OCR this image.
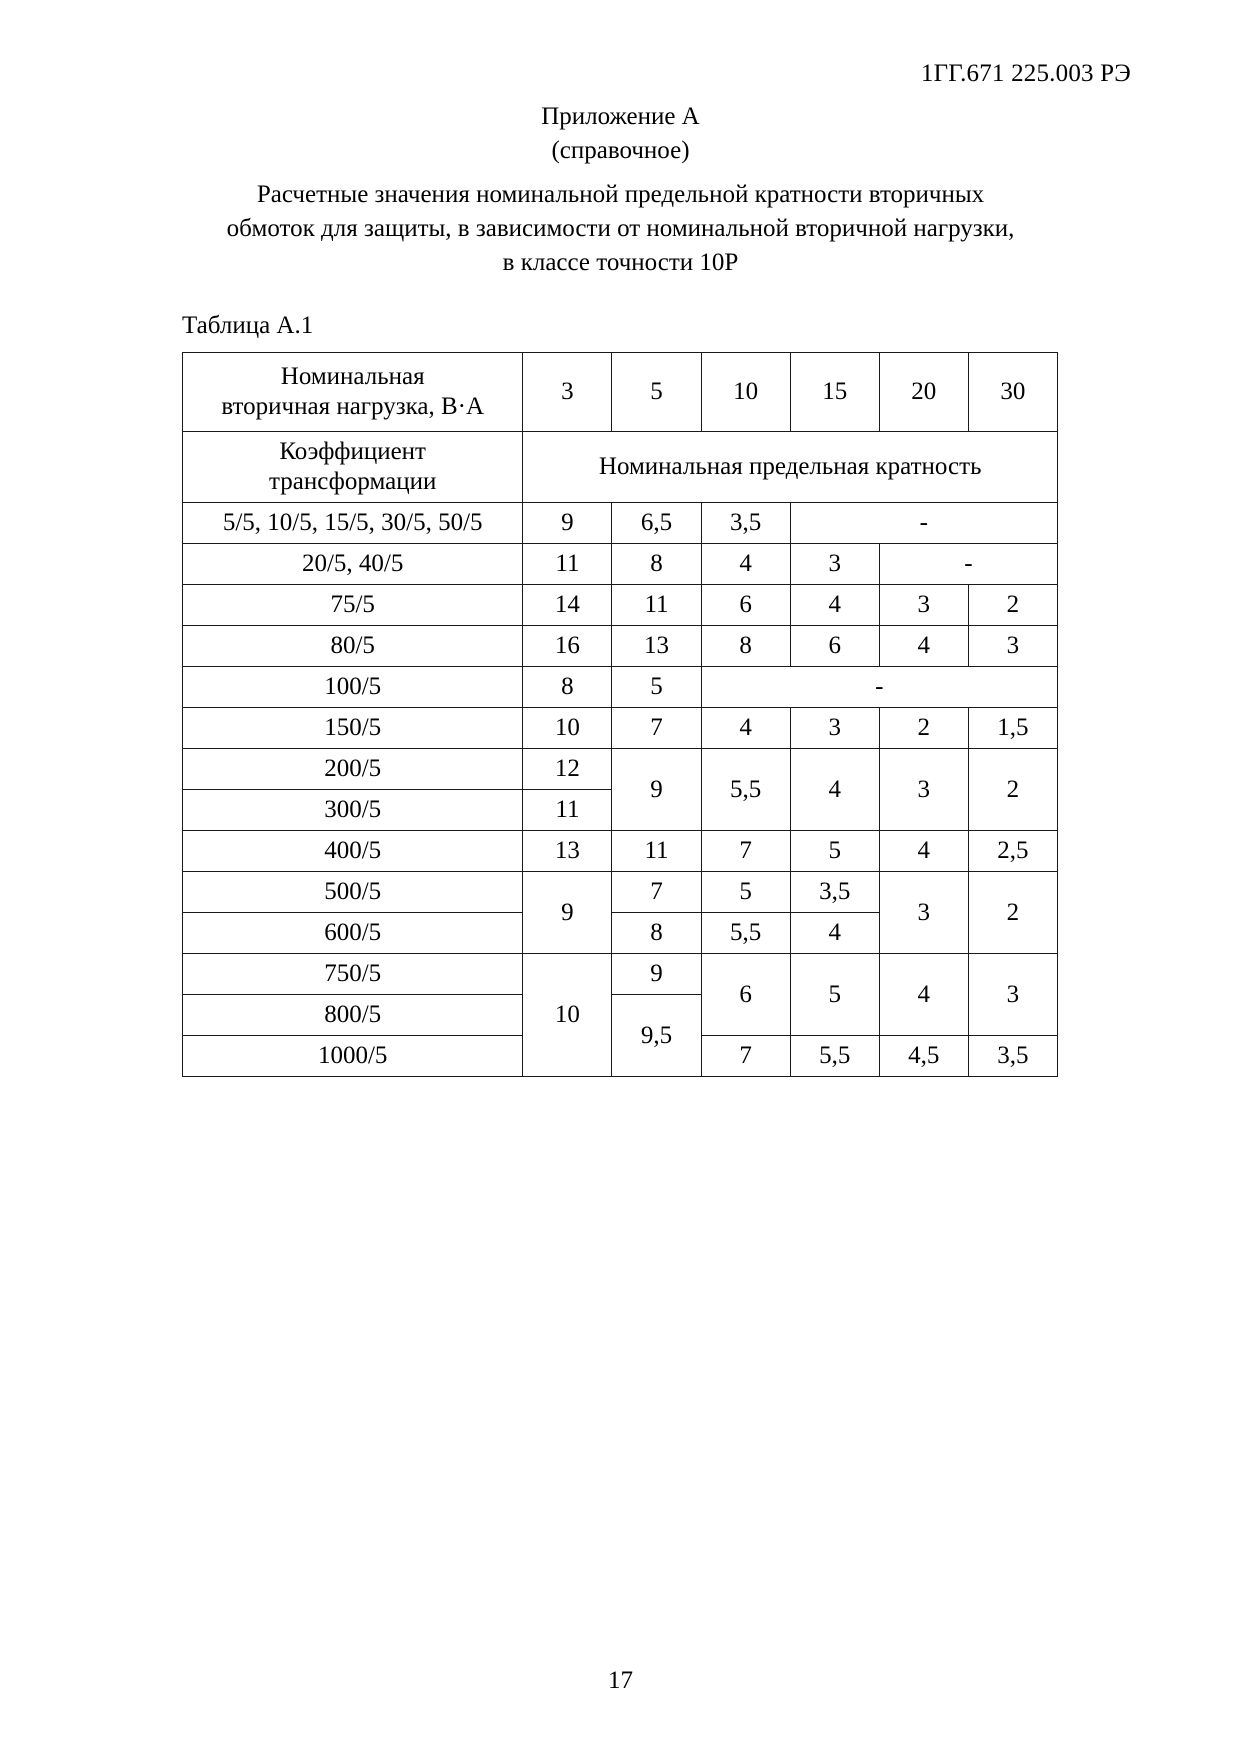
1ГГ.671 225.003 РЭ
Приложение А
(справочное)
Расчетные значения номинальной предельной кратности вторичных
обмоток для защиты, в зависимости от номинальной вторичной нагрузки,
в классе точности 10Р
Таблица А.1
Номинальная
вторичная нагрузка, В·А	3	5	10	15	20	30

Коэффициент
трансформации	Номинальная предельная кратность					
5/5, 10/5, 15/5, 30/5, 50/5	9	6,5	3,5	-		
20/5, 40/5	11	8	4	3	-	
75/5	14	11	6	4	3	2
80/5	16	13	8	6	4	3
100/5	8	5	-			
150/5	10	7	4	3	2	1,5
200/5	12	9	5,5	4	3	2
300/5	11					
400/5	13	11	7	5	4	2,5
500/5	9	7	5	3,5	3	2
600/5		8	5,5	4		
750/5	10	9	6	5	4	3
800/5		9,5				
1000/5			7	5,5	4,5	3,5
17
